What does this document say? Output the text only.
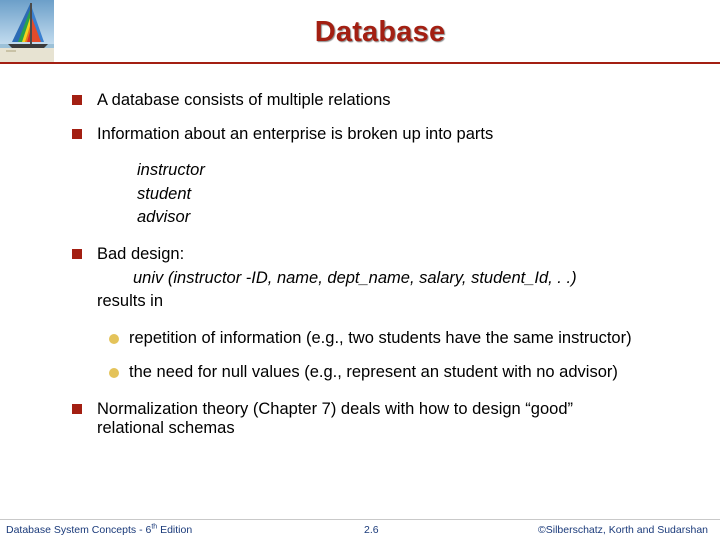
Database
A database consists of multiple relations
Information about an enterprise is broken up into parts
instructor
student
advisor
Bad design:
univ (instructor -ID, name, dept_name, salary, student_Id, . .)
results in
repetition of information (e.g., two students have the same instructor)
the need for null values (e.g., represent an student with no advisor)
Normalization theory (Chapter 7) deals with how to design “good”
relational schemas
Database System Concepts - 6th Edition	2.6	©Silberschatz, Korth and Sudarshan
